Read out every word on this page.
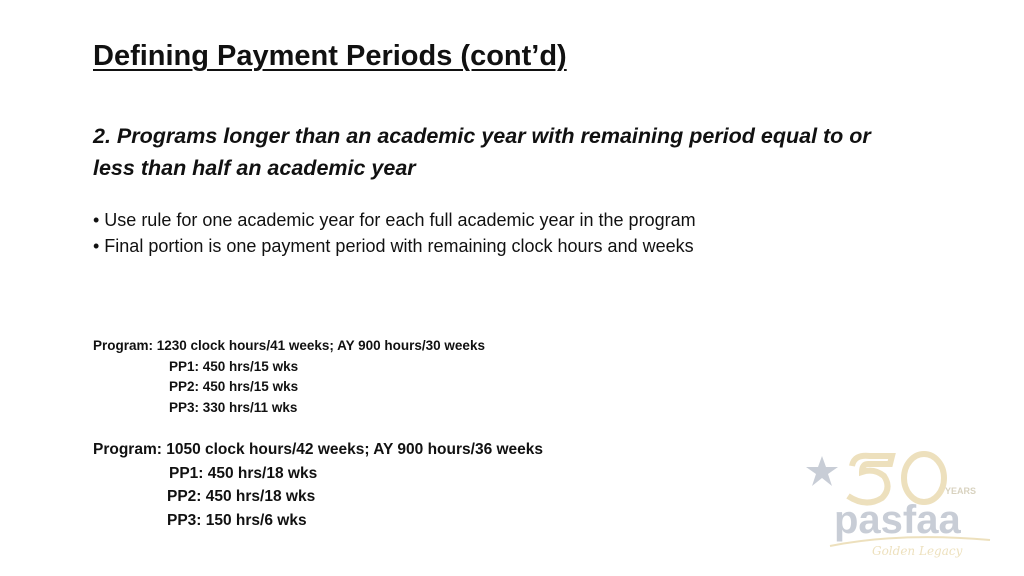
Defining Payment Periods (cont’d)
2. Programs longer than an academic year with remaining period equal to or less than half an academic year

• Use rule for one academic year for each full academic year in the program

• Final portion is one payment period with remaining clock hours and weeks

Program: 1230 clock hours/41 weeks; AY 900 hours/30 weeks
PP1: 450 hrs/15 wks
PP2: 450 hrs/15 wks
PP3: 330 hrs/11 wks
Program: 1050 clock hours/42 weeks; AY 900 hours/36 weeks
PP1: 450 hrs/18 wks
PP2: 450 hrs/18 wks
PP3: 150 hrs/6 wks
YEARS
pasfaa
Golden Legacy
